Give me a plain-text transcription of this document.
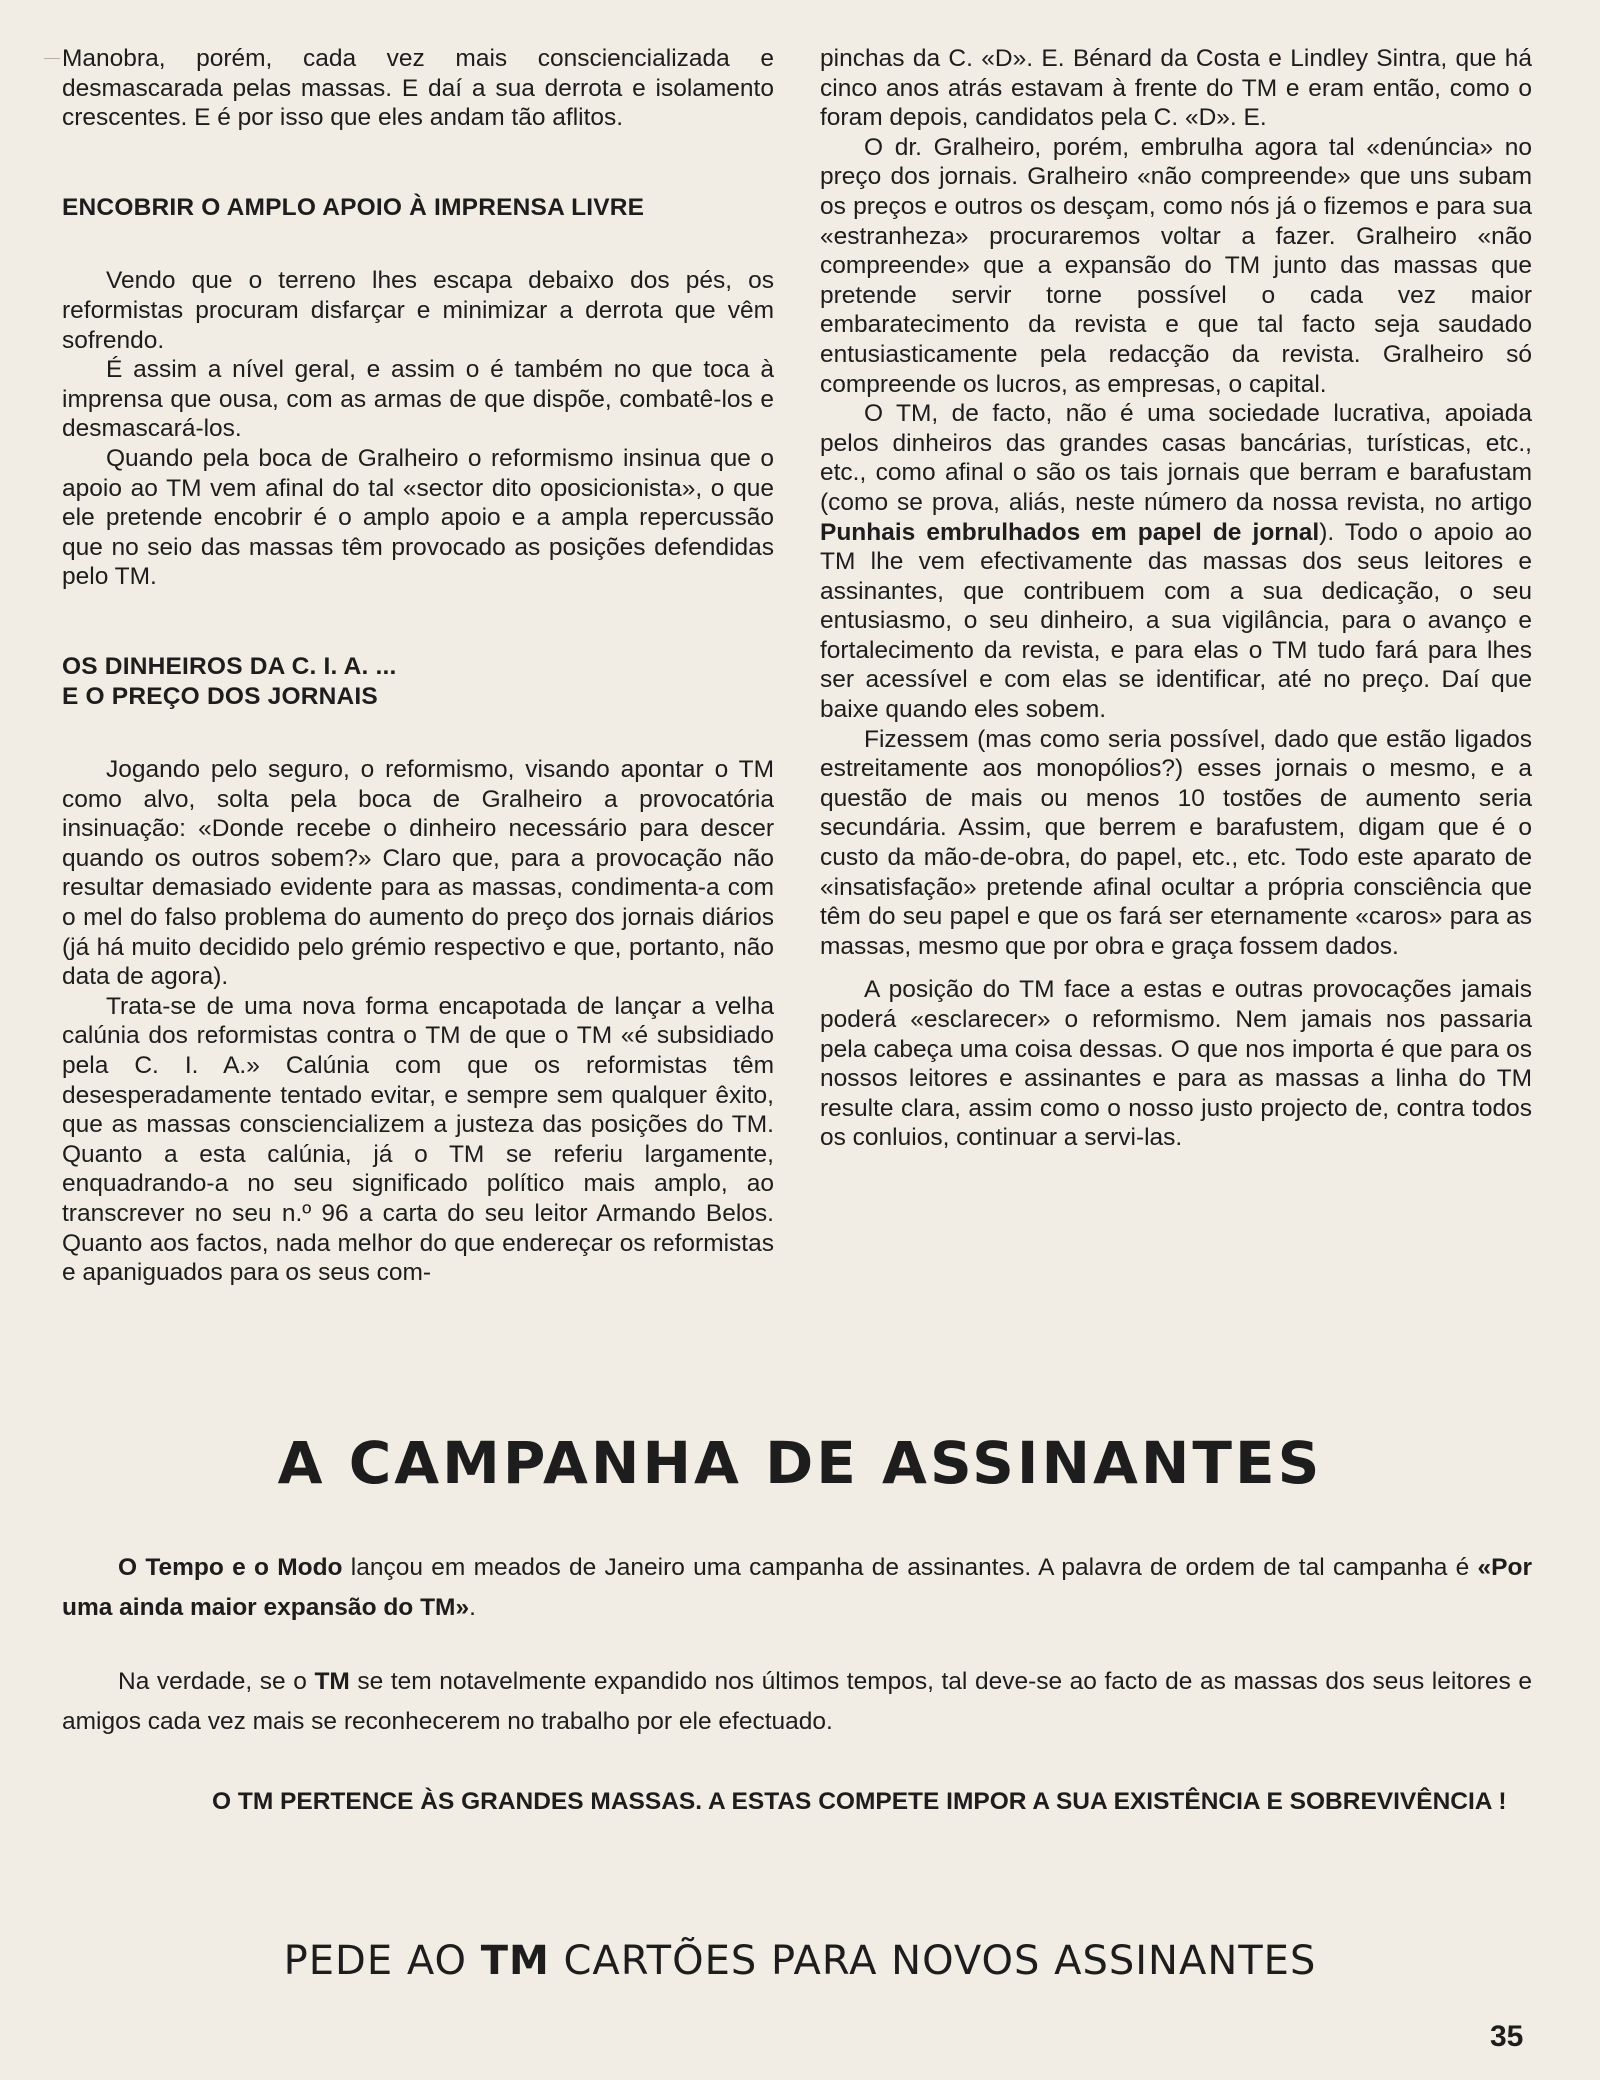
Manobra, porém, cada vez mais consciencializada e desmascarada pelas massas. E daí a sua derrota e isolamento crescentes. E é por isso que eles andam tão aflitos.

ENCOBRIR O AMPLO APOIO À IMPRENSA LIVRE

Vendo que o terreno lhes escapa debaixo dos pés, os reformistas procuram disfarçar e minimizar a derrota que vêm sofrendo.

É assim a nível geral, e assim o é também no que toca à imprensa que ousa, com as armas de que dispõe, combatê-los e desmascará-los.

Quando pela boca de Gralheiro o reformismo insinua que o apoio ao TM vem afinal do tal «sector dito oposicionista», o que ele pretende encobrir é o amplo apoio e a ampla repercussão que no seio das massas têm provocado as posições defendidas pelo TM.

OS DINHEIROS DA C. I. A. ...
E O PREÇO DOS JORNAIS

Jogando pelo seguro, o reformismo, visando apontar o TM como alvo, solta pela boca de Gralheiro a provocatória insinuação: «Donde recebe o dinheiro necessário para descer quando os outros sobem?» Claro que, para a provocação não resultar demasiado evidente para as massas, condimenta-a com o mel do falso problema do aumento do preço dos jornais diários (já há muito decidido pelo grémio respectivo e que, portanto, não data de agora).

Trata-se de uma nova forma encapotada de lançar a velha calúnia dos reformistas contra o TM de que o TM «é subsidiado pela C. I. A.» Calúnia com que os reformistas têm desesperadamente tentado evitar, e sempre sem qualquer êxito, que as massas consciencializem a justeza das posições do TM. Quanto a esta calúnia, já o TM se referiu largamente, enquadrando-a no seu significado político mais amplo, ao transcrever no seu n.º 96 a carta do seu leitor Armando Belos. Quanto aos factos, nada melhor do que endereçar os reformistas e apaniguados para os seus com-

pinchas da C. «D». E. Bénard da Costa e Lindley Sintra, que há cinco anos atrás estavam à frente do TM e eram então, como o foram depois, candidatos pela C. «D». E.

O dr. Gralheiro, porém, embrulha agora tal «denúncia» no preço dos jornais. Gralheiro «não compreende» que uns subam os preços e outros os desçam, como nós já o fizemos e para sua «estranheza» procuraremos voltar a fazer. Gralheiro «não compreende» que a expansão do TM junto das massas que pretende servir torne possível o cada vez maior embaratecimento da revista e que tal facto seja saudado entusiasticamente pela redacção da revista. Gralheiro só compreende os lucros, as empresas, o capital.

O TM, de facto, não é uma sociedade lucrativa, apoiada pelos dinheiros das grandes casas bancárias, turísticas, etc., etc., como afinal o são os tais jornais que berram e barafustam (como se prova, aliás, neste número da nossa revista, no artigo Punhais embrulhados em papel de jornal). Todo o apoio ao TM lhe vem efectivamente das massas dos seus leitores e assinantes, que contribuem com a sua dedicação, o seu entusiasmo, o seu dinheiro, a sua vigilância, para o avanço e fortalecimento da revista, e para elas o TM tudo fará para lhes ser acessível e com elas se identificar, até no preço. Daí que baixe quando eles sobem.

Fizessem (mas como seria possível, dado que estão ligados estreitamente aos monopólios?) esses jornais o mesmo, e a questão de mais ou menos 10 tostões de aumento seria secundária. Assim, que berrem e barafustem, digam que é o custo da mão-de-obra, do papel, etc., etc. Todo este aparato de «insatisfação» pretende afinal ocultar a própria consciência que têm do seu papel e que os fará ser eternamente «caros» para as massas, mesmo que por obra e graça fossem dados.

A posição do TM face a estas e outras provocações jamais poderá «esclarecer» o reformismo. Nem jamais nos passaria pela cabeça uma coisa dessas. O que nos importa é que para os nossos leitores e assinantes e para as massas a linha do TM resulte clara, assim como o nosso justo projecto de, contra todos os conluios, continuar a servi-las.

A CAMPANHA DE ASSINANTES

O Tempo e o Modo lançou em meados de Janeiro uma campanha de assinantes. A palavra de ordem de tal campanha é «Por uma ainda maior expansão do TM».

Na verdade, se o TM se tem notavelmente expandido nos últimos tempos, tal deve-se ao facto de as massas dos seus leitores e amigos cada vez mais se reconhecerem no trabalho por ele efectuado.

O TM PERTENCE ÀS GRANDES MASSAS. A ESTAS COMPETE IMPOR A SUA EXISTÊNCIA E SOBREVIVÊNCIA !

PEDE AO TM CARTÕES PARA NOVOS ASSINANTES
35
